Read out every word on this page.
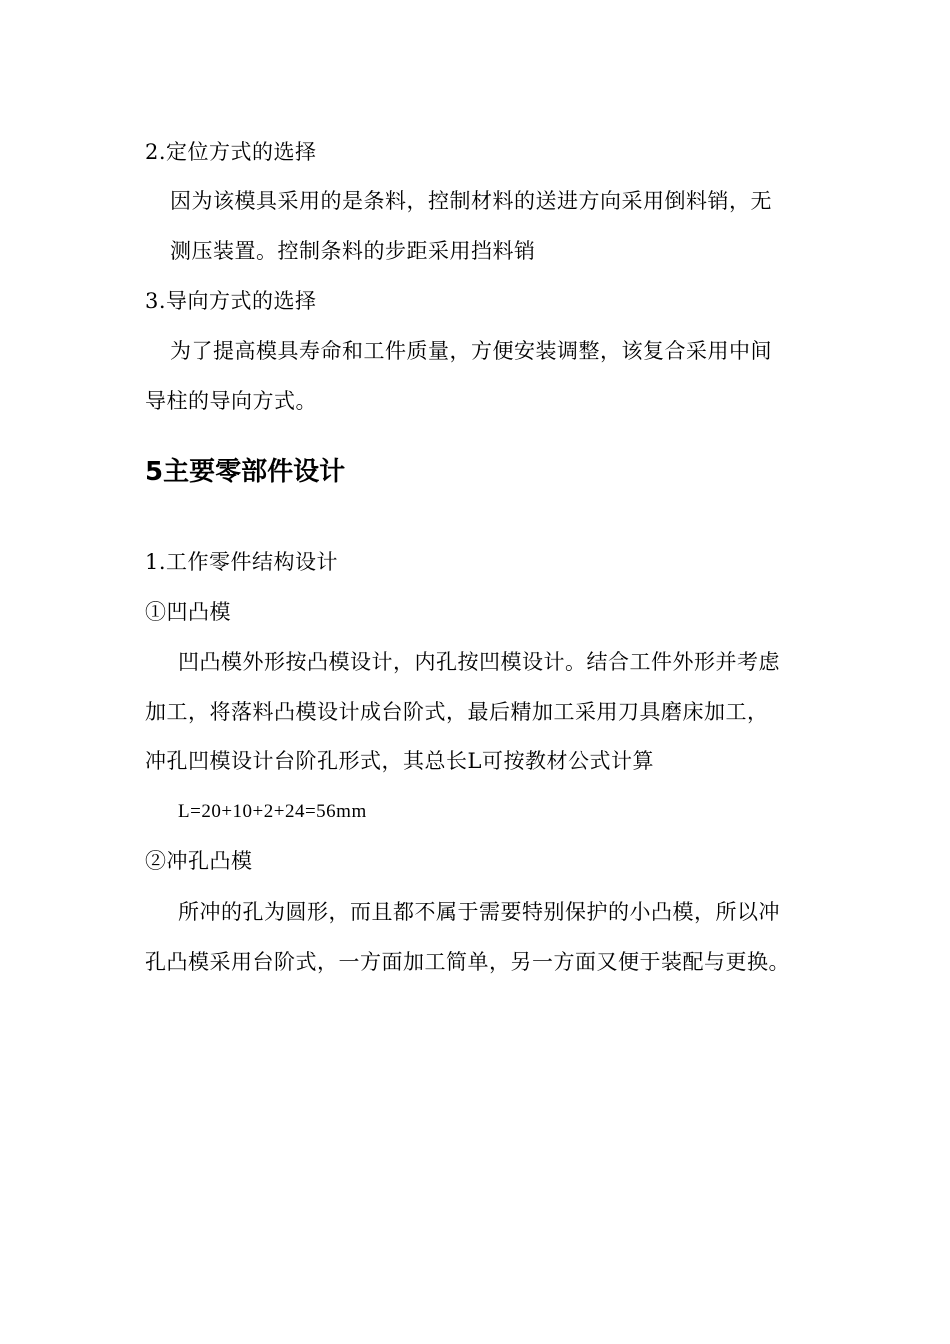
2.定位方式的选择
因为该模具采用的是条料，控制材料的送进方向采用倒料销，无
测压装置。控制条料的步距采用挡料销
3.导向方式的选择
为了提高模具寿命和工件质量，方便安装调整，该复合采用中间
导柱的导向方式。
5主要零部件设计
1.工作零件结构设计
①凹凸模
凹凸模外形按凸模设计，内孔按凹模设计。结合工件外形并考虑
加工，将落料凸模设计成台阶式，最后精加工采用刀具磨床加工，
冲孔凹模设计台阶孔形式，其总长L可按教材公式计算
L=20+10+2+24=56mm
②冲孔凸模
所冲的孔为圆形，而且都不属于需要特别保护的小凸模，所以冲
孔凸模采用台阶式，一方面加工简单，另一方面又便于装配与更换。
